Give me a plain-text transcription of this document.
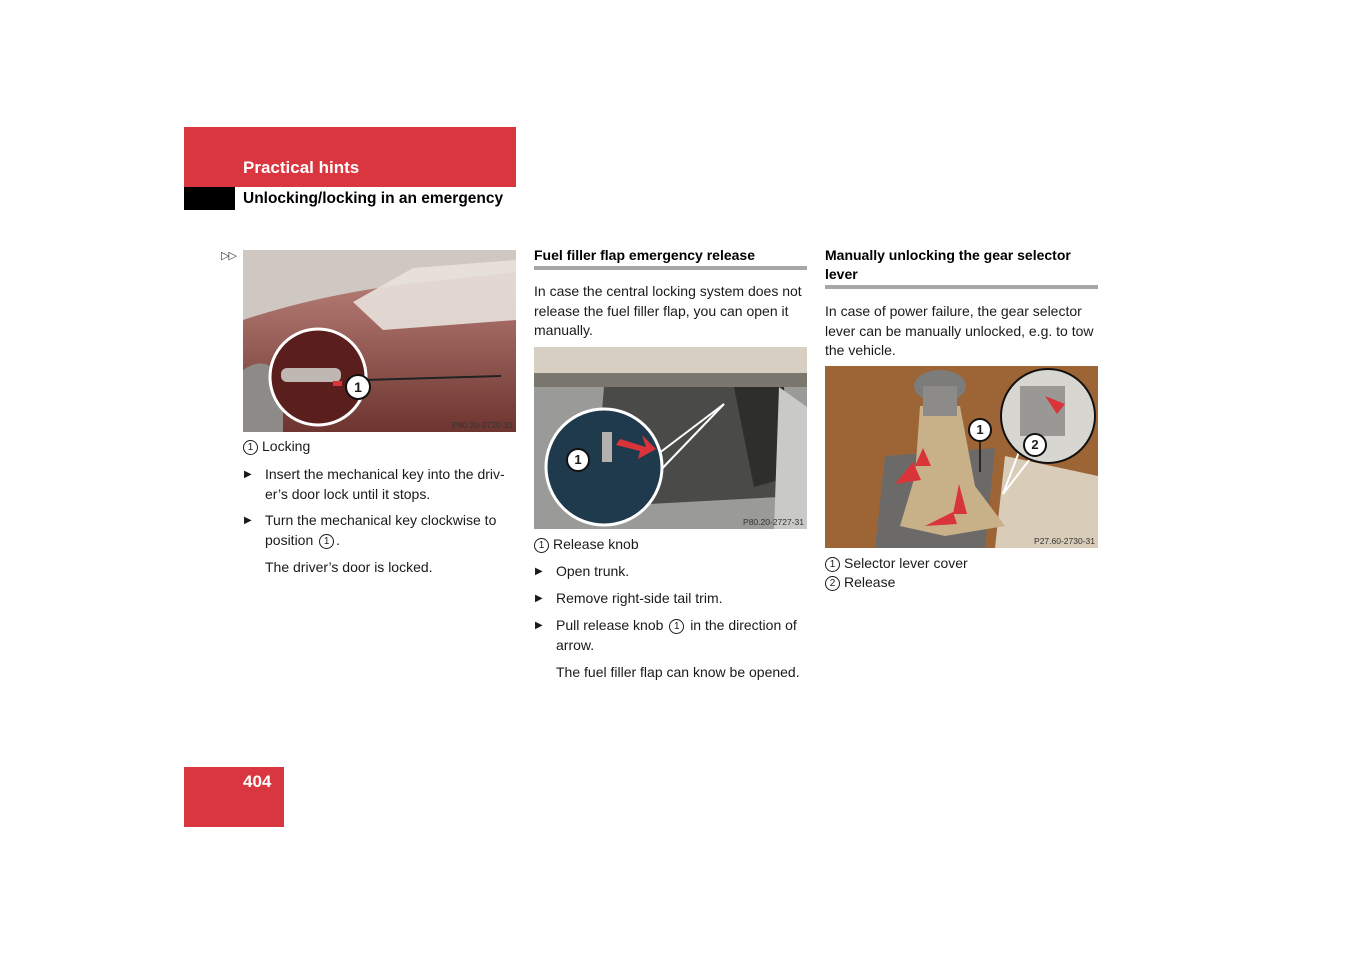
Practical hints
Unlocking/locking in an emergency
▷▷
1
P80.20-2720-31
1 Locking
▶ Insert the mechanical key into the driv-er’s door lock until it stops.
▶ Turn the mechanical key clockwise to position 1 .
The driver’s door is locked.
Fuel filler flap emergency release
In case the central locking system does not release the fuel filler flap, you can open it manually.
1
P80.20-2727-31
1 Release knob
▶ Open trunk.
▶ Remove right-side tail trim.
▶ Pull release knob 1 in the direction of arrow.
The fuel filler flap can know be opened.
Manually unlocking the gear selector lever
In case of power failure, the gear selector lever can be manually unlocked, e.g. to tow the vehicle.
1
2
P27.60-2730-31
1 Selector lever cover
2 Release
404
